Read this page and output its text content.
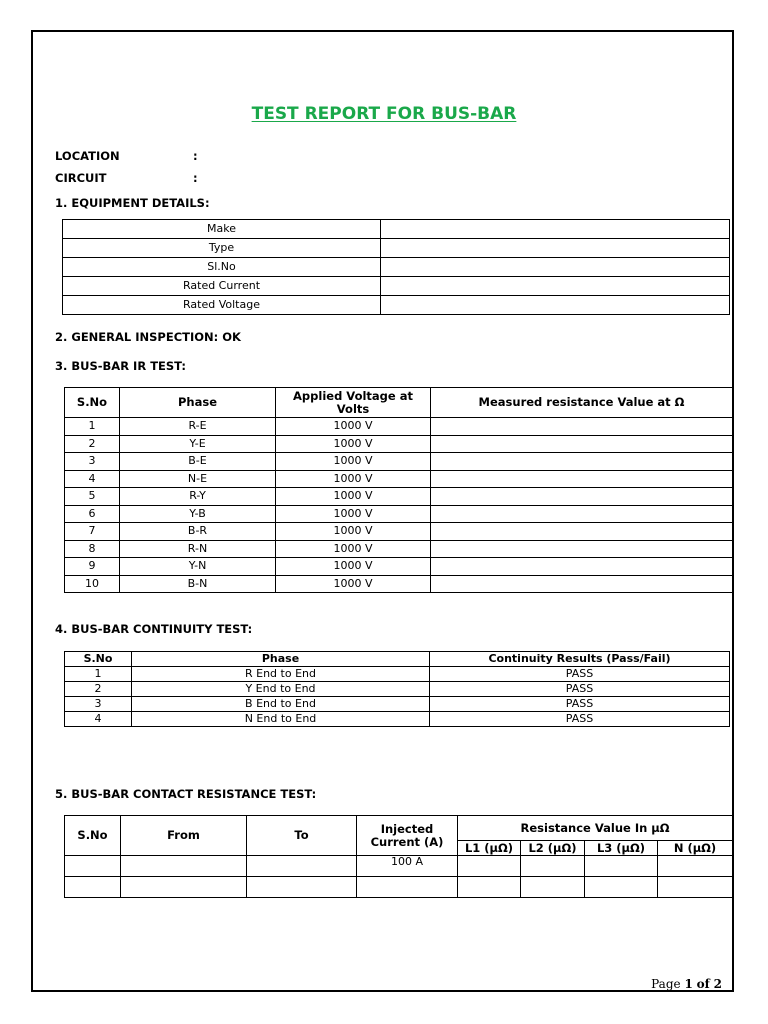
TEST REPORT FOR BUS-BAR
LOCATION	:
CIRCUIT	:
1. EQUIPMENT DETAILS:
Make	
Type	
Sl.No	
Rated Current	
Rated Voltage	
2. GENERAL INSPECTION: OK
3. BUS-BAR IR TEST:
S.No	Phase	Applied Voltage at Volts	Measured resistance Value at Ω
1	R-E	1000 V	
2	Y-E	1000 V	
3	B-E	1000 V	
4	N-E	1000 V	
5	R-Y	1000 V	
6	Y-B	1000 V	
7	B-R	1000 V	
8	R-N	1000 V	
9	Y-N	1000 V	
10	B-N	1000 V	
4. BUS-BAR CONTINUITY TEST:
S.No	Phase	Continuity Results (Pass/Fail)
1	R End to End	PASS
2	Y End to End	PASS
3	B End to End	PASS
4	N End to End	PASS
5. BUS-BAR CONTACT RESISTANCE TEST:
S.No	From	To	Injected Current (A)	Resistance Value In µΩ			
				L1 (µΩ)	L2 (µΩ)	L3 (µΩ)	N (µΩ)
			100 A				

Page 1 of 2
